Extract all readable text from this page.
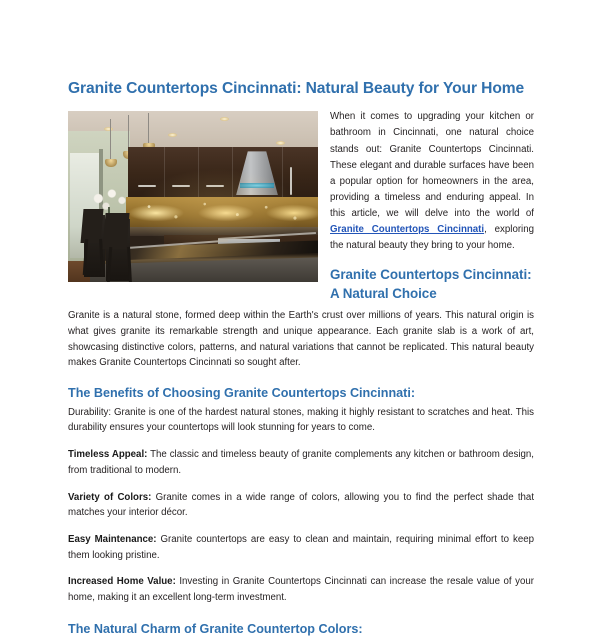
Granite Countertops Cincinnati: Natural Beauty for Your Home

When it comes to upgrading your kitchen or bathroom in Cincinnati, one natural choice stands out: Granite Countertops Cincinnati. These elegant and durable surfaces have been a popular option for homeowners in the area, providing a timeless and enduring appeal. In this article, we will delve into the world of Granite Countertops Cincinnati, exploring the natural beauty they bring to your home.

Granite Countertops Cincinnati: A Natural Choice

Granite is a natural stone, formed deep within the Earth's crust over millions of years. This natural origin is what gives granite its remarkable strength and unique appearance. Each granite slab is a work of art, showcasing distinctive colors, patterns, and natural variations that cannot be replicated. This natural beauty makes Granite Countertops Cincinnati so sought after.

The Benefits of Choosing Granite Countertops Cincinnati:

Durability: Granite is one of the hardest natural stones, making it highly resistant to scratches and heat. This durability ensures your countertops will look stunning for years to come.

Timeless Appeal: The classic and timeless beauty of granite complements any kitchen or bathroom design, from traditional to modern.

Variety of Colors: Granite comes in a wide range of colors, allowing you to find the perfect shade that matches your interior décor.

Easy Maintenance: Granite countertops are easy to clean and maintain, requiring minimal effort to keep them looking pristine.

Increased Home Value: Investing in Granite Countertops Cincinnati can increase the resale value of your home, making it an excellent long-term investment.

The Natural Charm of Granite Countertop Colors:
